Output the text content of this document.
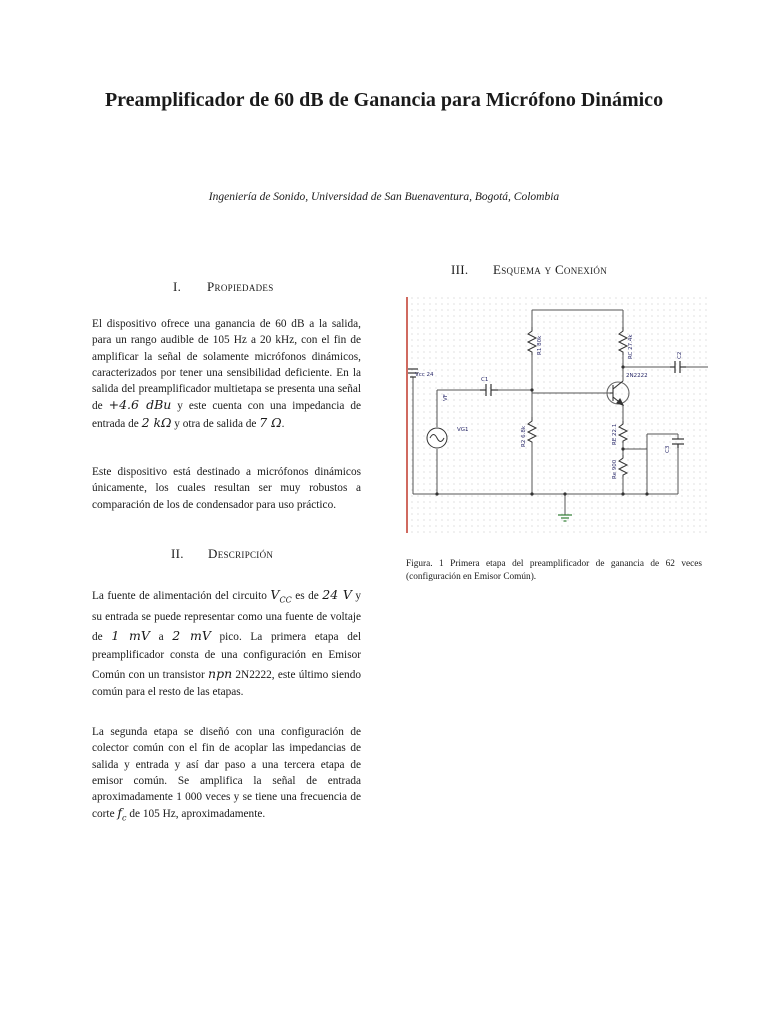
Preamplificador de 60 dB de Ganancia para Micrófono Dinámico
Ingeniería de Sonido, Universidad de San Buenaventura, Bogotá, Colombia
I. Propiedades

El dispositivo ofrece una ganancia de 60 dB a la salida, para un rango audible de 105 Hz a 20 kHz, con el fin de amplificar la señal de solamente micrófonos dinámicos, caracterizados por tener una sensibilidad deficiente. En la salida del preamplificador multietapa se presenta una señal de +4.6 dBu y este cuenta con una impedancia de entrada de 2 kΩ y otra de salida de 7 Ω.

Este dispositivo está destinado a micrófonos dinámicos únicamente, los cuales resultan ser muy robustos a comparación de los de condensador para uso práctico.

II. Descripción

La fuente de alimentación del circuito $V_{CC}$ es de 24 V y su entrada se puede representar como una fuente de voltaje de 1 mV a 2 mV pico. La primera etapa del preamplificador consta de una configuración en Emisor Común con un transistor npn 2N2222, este último siendo común para el resto de las etapas.

La segunda etapa se diseñó con una configuración de colector común con el fin de acoplar las impedancias de salida y entrada y así dar paso a una tercera etapa de emisor común. Se amplifica la señal de entrada aproximadamente 1 000 veces y se tiene una frecuencia de corte $f_c$ de 105 Hz, aproximadamente.

III. Esquema y Conexión
Vcc 24
C1
VF
VG1
R1 80k
R2 6.8k
RC 27.4k
RE 22.1
Re 900
2N2222
C2
C3

Figura. 1 Primera etapa del preamplificador de ganancia de 62 veces (configuración en Emisor Común).
